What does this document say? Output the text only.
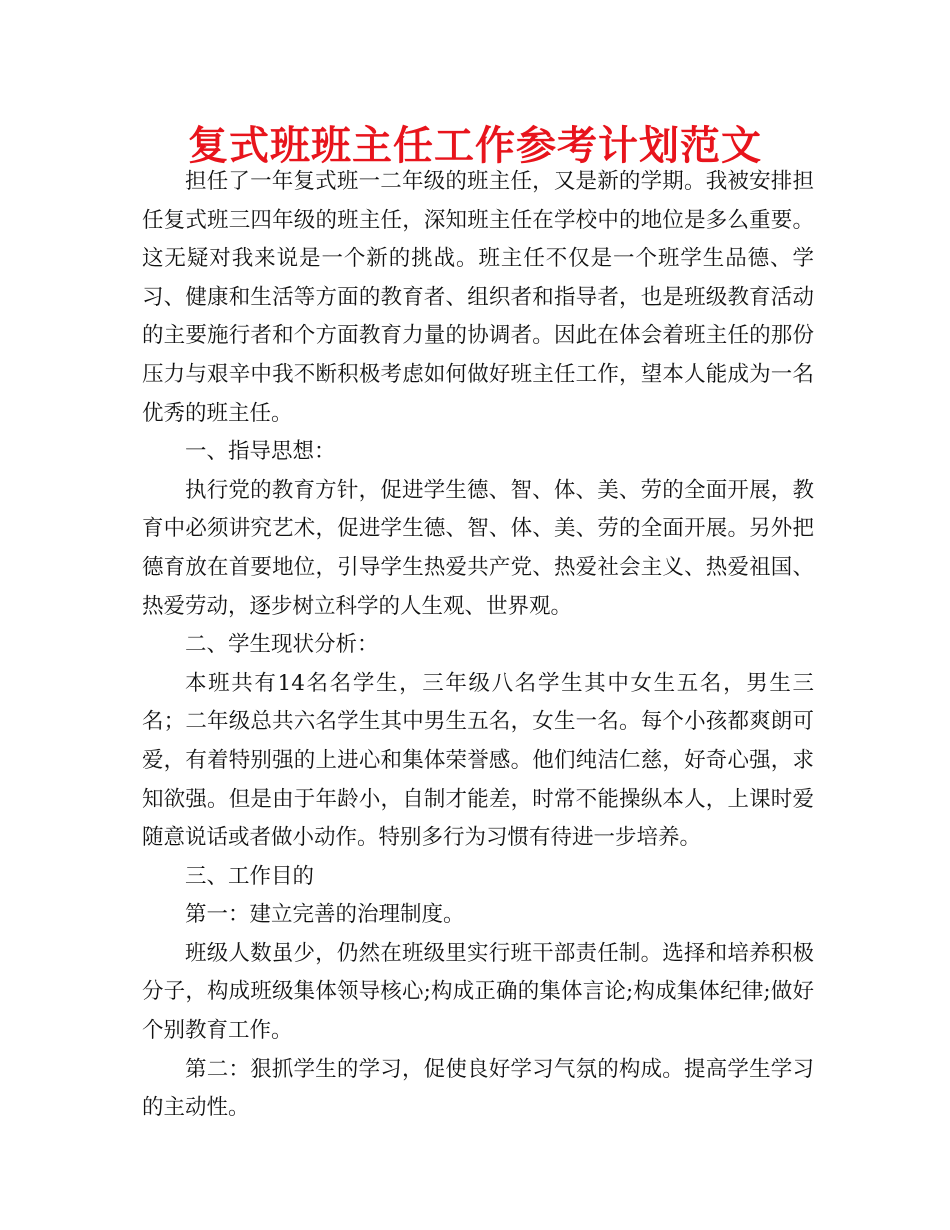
复式班班主任工作参考计划范文

担任了一年复式班一二年级的班主任，又是新的学期。我被安排担任复式班三四年级的班主任，深知班主任在学校中的地位是多么重要。这无疑对我来说是一个新的挑战。班主任不仅是一个班学生品德、学习、健康和生活等方面的教育者、组织者和指导者，也是班级教育活动的主要施行者和个方面教育力量的协调者。因此在体会着班主任的那份压力与艰辛中我不断积极考虑如何做好班主任工作，望本人能成为一名优秀的班主任。

一、指导思想：

执行党的教育方针，促进学生德、智、体、美、劳的全面开展，教育中必须讲究艺术，促进学生德、智、体、美、劳的全面开展。另外把德育放在首要地位，引导学生热爱共产党、热爱社会主义、热爱祖国、热爱劳动，逐步树立科学的人生观、世界观。

二、学生现状分析：

本班共有14名名学生，三年级八名学生其中女生五名，男生三名；二年级总共六名学生其中男生五名，女生一名。每个小孩都爽朗可爱，有着特别强的上进心和集体荣誉感。他们纯洁仁慈，好奇心强，求知欲强。但是由于年龄小，自制才能差，时常不能操纵本人，上课时爱随意说话或者做小动作。特别多行为习惯有待进一步培养。

三、工作目的

第一：建立完善的治理制度。

班级人数虽少，仍然在班级里实行班干部责任制。选择和培养积极分子，构成班级集体领导核心;构成正确的集体言论;构成集体纪律;做好个别教育工作。

第二：狠抓学生的学习，促使良好学习气氛的构成。提高学生学习的主动性。
